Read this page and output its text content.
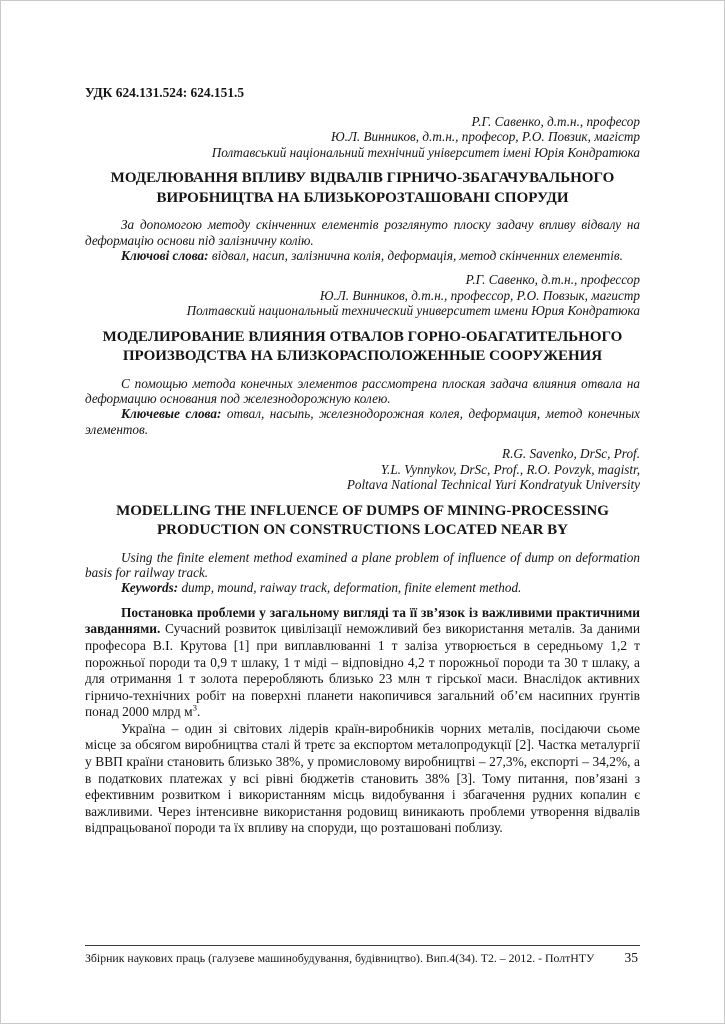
УДК 624.131.524: 624.151.5

Р.Г. Савенко, д.т.н., професор
Ю.Л. Винников, д.т.н., професор, Р.О. Повзик, магістр
Полтавський національний технічний університет імені Юрія Кондратюка
МОДЕЛЮВАННЯ ВПЛИВУ ВІДВАЛІВ ГІРНИЧО-ЗБАГАЧУВАЛЬНОГО ВИРОБНИЦТВА НА БЛИЗЬКОРОЗТАШОВАНІ СПОРУДИ

За допомогою методу скінченних елементів розглянуто плоску задачу впливу відвалу на деформацію основи під залізничну колію.

Ключові слова: відвал, насип, залізнична колія, деформація, метод скінченних елементів.

Р.Г. Савенко, д.т.н., профессор
Ю.Л. Винников, д.т.н., профессор, Р.О. Повзык, магистр
Полтавский национальный технический университет имени Юрия Кондратюка
МОДЕЛИРОВАНИЕ ВЛИЯНИЯ ОТВАЛОВ ГОРНО-ОБАГАТИТЕЛЬНОГО ПРОИЗВОДСТВА НА БЛИЗКОРАСПОЛОЖЕННЫЕ СООРУЖЕНИЯ

С помощью метода конечных элементов рассмотрена плоская задача влияния отвала на деформацию основания под железнодорожную колею.

Ключевые слова: отвал, насыпь, железнодорожная колея, деформация, метод конечных элементов.

R.G. Savenko, DrSc, Prof.
Y.L. Vynnykov, DrSc, Prof., R.O. Povzyk, magistr,
Poltava National Technical Yuri Kondratyuk University
MODELLING THE INFLUENCE OF DUMPS OF MINING-PROCESSING PRODUCTION ON CONSTRUCTIONS LOCATED NEAR BY

Using the finite element method examined a plane problem of influence of dump on deformation basis for railway track.

Keywords: dump, mound, raiway track, deformation, finite element method.

Постановка проблеми у загальному вигляді та її зв’язок із важливими практичними завданнями. Сучасний розвиток цивілізації неможливий без використання металів. За даними професора В.І. Крутова [1] при виплавлюванні 1 т заліза утворюється в середньому 1,2 т порожньої породи та 0,9 т шлаку, 1 т міді – відповідно 4,2 т порожньої породи та 30 т шлаку, а для отримання 1 т золота переробляють близько 23 млн т гірської маси. Внаслідок активних гірничо-технічних робіт на поверхні планети накопичився загальний об’єм насипних ґрунтів понад 2000 млрд $м^3$.

Україна – один зі світових лідерів країн-виробників чорних металів, посідаючи сьоме місце за обсягом виробництва сталі й третє за експортом металопродукції [2]. Частка металургії у ВВП країни становить близько 38%, у промисловому виробництві – 27,3%, експорті – 34,2%, а в податкових платежах у всі рівні бюджетів становить 38% [3]. Тому питання, пов’язані з ефективним розвитком і використанням місць видобування і збагачення рудних копалин є важливими. Через інтенсивне використання родовищ виникають проблеми утворення відвалів відпрацьованої породи та їх впливу на споруди, що розташовані поблизу.

Збірник наукових праць (галузеве машинобудування, будівництво). Вип.4(34). Т2. – 2012. - ПолтНТУ 35
